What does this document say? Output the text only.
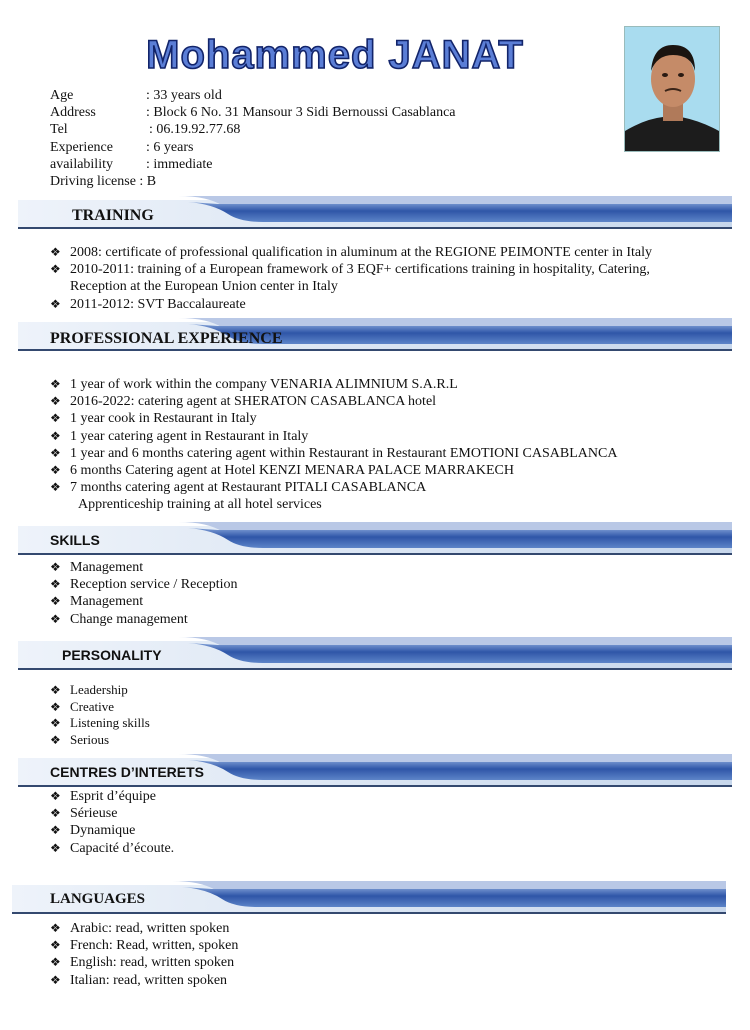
Mohammed JANAT
Age	: 33 years old
Address	: Block 6 No. 31 Mansour 3 Sidi Bernoussi Casablanca
Tel	: 06.19.92.77.68
Experience : 6 years
availability : immediate
Driving license : B
TRAINING
❖ 2008: certificate of professional qualification in aluminum at the REGIONE PEIMONTE center in Italy
❖ 2010-2011: training of a European framework of 3 EQF+ certifications training in hospitality, Catering,
Reception at the European Union center in Italy
❖ 2011-2012: SVT Baccalaureate
PROFESSIONAL EXPERIENCE
❖ 1 year of work within the company VENARIA ALIMNIUM S.A.R.L
❖ 2016-2022: catering agent at SHERATON CASABLANCA hotel
❖ 1 year cook in Restaurant in Italy
❖ 1 year catering agent in Restaurant in Italy
❖ 1 year and 6 months catering agent within Restaurant in Restaurant EMOTIONI CASABLANCA
❖ 6 months Catering agent at Hotel KENZI MENARA PALACE MARRAKECH
❖ 7 months catering agent at Restaurant PITALI CASABLANCA
Apprenticeship training at all hotel services
SKILLS
❖ Management
❖ Reception service / Reception
❖ Management
❖ Change management
PERSONALITY
❖ Leadership
❖ Creative
❖ Listening skills
❖ Serious
CENTRES D’INTERETS
❖ Esprit d’équipe
❖ Sérieuse
❖ Dynamique
❖ Capacité d’écoute.
LANGUAGES
❖ Arabic: read, written spoken
❖ French: Read, written, spoken
❖ English: read, written spoken
❖ Italian: read, written spoken
